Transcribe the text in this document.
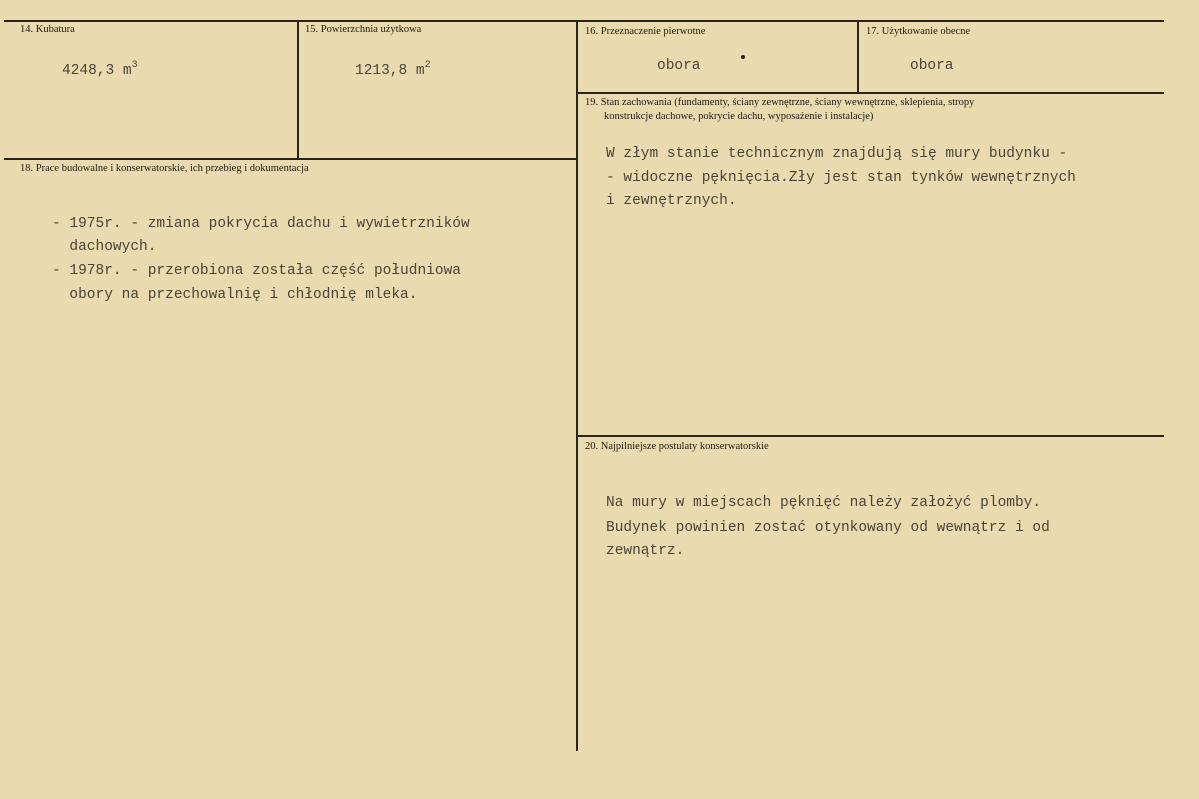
14. Kubatura
4248,3 $m^3$
15. Powierzchnia użytkowa
1213,8 $m^2$
16. Przeznaczenie pierwotne
obora
17. Użytkowanie obecne
obora
18. Prace budowalne i konserwatorskie, ich przebieg i dokumentacja
- 1975r. - zmiana pokrycia dachu i wywietrzników
dachowych.
- 1978r. - przerobiona została część południowa
obory na przechowalnię i chłodnię mleka.
19. Stan zachowania (fundamenty, ściany zewnętrzne, ściany wewnętrzne, sklepienia, stropy
konstrukcje dachowe, pokrycie dachu, wyposażenie i instalacje)
W złym stanie technicznym znajdują się mury budynku -
- widoczne pęknięcia.Zły jest stan tynków wewnętrznych
i zewnętrznych.
20. Najpilniejsze postulaty konserwatorskie
Na mury w miejscach pęknięć należy założyć plomby.
Budynek powinien zostać otynkowany od wewnątrz i od
zewnątrz.
